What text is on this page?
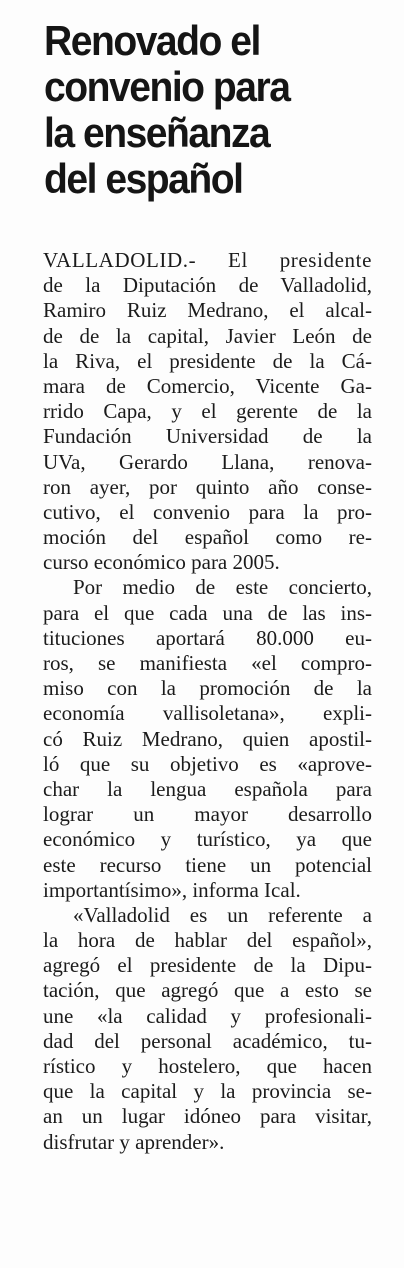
Renovado el
convenio para
la enseñanza
del español

VALLADOLID.- El presidente
de la Diputación de Valladolid,
Ramiro Ruiz Medrano, el alcal-
de de la capital, Javier León de
la Riva, el presidente de la Cá-
mara de Comercio, Vicente Ga-
rrido Capa, y el gerente de la
Fundación Universidad de la
UVa, Gerardo Llana, renova-
ron ayer, por quinto año conse-
cutivo, el convenio para la pro-
moción del español como re-
curso económico para 2005.

Por medio de este concierto,
para el que cada una de las ins-
tituciones aportará 80.000 eu-
ros, se manifiesta «el compro-
miso con la promoción de la
economía vallisoletana», expli-
có Ruiz Medrano, quien apostil-
ló que su objetivo es «aprove-
char la lengua española para
lograr un mayor desarrollo
económico y turístico, ya que
este recurso tiene un potencial
importantísimo», informa Ical.

«Valladolid es un referente a
la hora de hablar del español»,
agregó el presidente de la Dipu-
tación, que agregó que a esto se
une «la calidad y profesionali-
dad del personal académico, tu-
rístico y hostelero, que hacen
que la capital y la provincia se-
an un lugar idóneo para visitar,
disfrutar y aprender».
